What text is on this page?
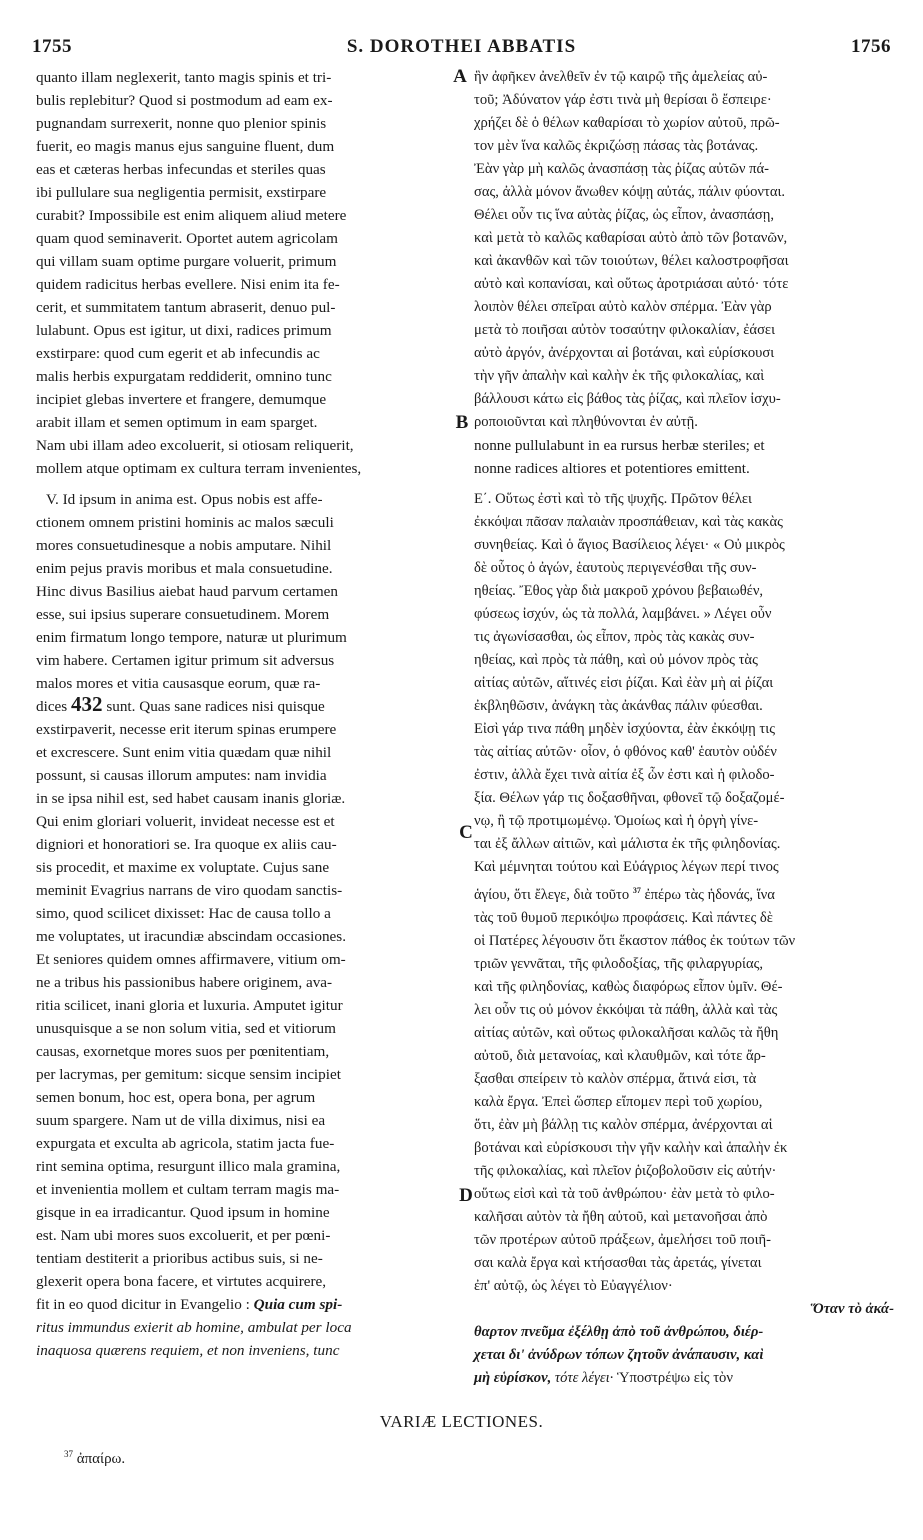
1755	S. DOROTHEI ABBATIS	1756

quanto illam neglexerit, tanto magis spinis et tri-

bulis replebitur? Quod si postmodum ad eam ex-

pugnandam surrexerit, nonne quo plenior spinis

fuerit, eo magis manus ejus sanguine fluent, dum

eas et cæteras herbas infecundas et steriles quas

ibi pullulare sua negligentia permisit, exstirpare

curabit? Impossibile est enim aliquem aliud metere

quam quod seminaverit. Oportet autem agricolam

qui villam suam optime purgare voluerit, primum

quidem radicitus herbas evellere. Nisi enim ita fe-

cerit, et summitatem tantum abraserit, denuo pul-

lulabunt. Opus est igitur, ut dixi, radices primum

exstirpare: quod cum egerit et ab infecundis ac

malis herbis expurgatam reddiderit, omnino tunc

incipiet glebas invertere et frangere, demumque

arabit illam et semen optimum in eam sparget.

Nam ubi illam adeo excoluerit, si otiosam reliquerit,

mollem atque optimam ex cultura terram invenientes,

V. Id ipsum in anima est. Opus nobis est affe-

ctionem omnem pristini hominis ac malos sæculi

mores consuetudinesque a nobis amputare. Nihil

enim pejus pravis moribus et mala consuetudine.

Hinc divus Basilius aiebat haud parvum certamen

esse, sui ipsius superare consuetudinem. Morem

enim firmatum longo tempore, naturæ ut plurimum

vim habere. Certamen igitur primum sit adversus

malos mores et vitia causasque eorum, quæ ra-

dices 432 sunt. Quas sane radices nisi quisque

exstirpaverit, necesse erit iterum spinas erumpere

et excrescere. Sunt enim vitia quædam quæ nihil

possunt, si causas illorum amputes: nam invidia

in se ipsa nihil est, sed habet causam inanis gloriæ.

Qui enim gloriari voluerit, invideat necesse est et

digniori et honoratiori se. Ira quoque ex aliis cau-

sis procedit, et maxime ex voluptate. Cujus sane

meminit Evagrius narrans de viro quodam sanctis-

simo, quod scilicet dixisset: Hac de causa tollo a

me voluptates, ut iracundiæ abscindam occasiones.

Et seniores quidem omnes affirmavere, vitium om-

ne a tribus his passionibus habere originem, ava-

ritia scilicet, inani gloria et luxuria. Amputet igitur

unusquisque a se non solum vitia, sed et vitiorum

causas, exornetque mores suos per pœnitentiam,

per lacrymas, per gemitum: sicque sensim incipiet

semen bonum, hoc est, opera bona, per agrum

suum spargere. Nam ut de villa diximus, nisi ea

expurgata et exculta ab agricola, statim jacta fue-

rint semina optima, resurgunt illico mala gramina,

et invenientia mollem et cultam terram magis ma-

gisque in ea irradicantur. Quod ipsum in homine

est. Nam ubi mores suos excoluerit, et per pœni-

tentiam destiterit a prioribus actibus suis, si ne-

glexerit opera bona facere, et virtutes acquirere,

fit in eo quod dicitur in Evangelio : Quia cum spi-

ritus immundus exierit ab homine, ambulat per loca

inaquosa quærens requiem, et non inveniens, tunc

A
B
C
D

ἣν ἀφῆκεν ἀνελθεῖν ἐν τῷ καιρῷ τῆς ἀμελείας αὐ-

τοῦ; Ἀδύνατον γάρ ἐστι τινὰ μὴ θερίσαι ὃ ἔσπειρε·

χρήζει δὲ ὁ θέλων καθαρίσαι τὸ χωρίον αὐτοῦ, πρῶ-

τον μὲν ἵνα καλῶς ἐκριζώσῃ πάσας τὰς βοτάνας.

Ἐὰν γὰρ μὴ καλῶς ἀνασπάσῃ τὰς ῥίζας αὐτῶν πά-

σας, ἀλλὰ μόνον ἄνωθεν κόψῃ αὐτάς, πάλιν φύονται.

Θέλει οὖν τις ἵνα αὐτὰς ῥίζας, ὡς εἶπον, ἀνασπάσῃ,

καὶ μετὰ τὸ καλῶς καθαρίσαι αὐτὸ ἀπὸ τῶν βοτανῶν,

καὶ ἀκανθῶν καὶ τῶν τοιούτων, θέλει καλοστροφῆσαι

αὐτὸ καὶ κοπανίσαι, καὶ οὕτως ἀροτριάσαι αὐτό· τότε

λοιπὸν θέλει σπεῖραι αὐτὸ καλὸν σπέρμα. Ἐὰν γὰρ

μετὰ τὸ ποιῆσαι αὐτὸν τοσαύτην φιλοκαλίαν, ἐάσει

αὐτὸ ἀργόν, ἀνέρχονται αἱ βοτάναι, καὶ εὑρίσκουσι

τὴν γῆν ἀπαλὴν καὶ καλὴν ἐκ τῆς φιλοκαλίας, καὶ

βάλλουσι κάτω εἰς βάθος τὰς ῥίζας, καὶ πλεῖον ἰσχυ-

ροποιοῦνται καὶ πληθύνονται ἐν αὐτῇ.

nonne pullulabunt in ea rursus herbæ steriles; et

nonne radices altiores et potentiores emittent.

Ε΄. Οὕτως ἐστὶ καὶ τὸ τῆς ψυχῆς. Πρῶτον θέλει

ἐκκόψαι πᾶσαν παλαιὰν προσπάθειαν, καὶ τὰς κακὰς

συνηθείας. Καὶ ὁ ἅγιος Βασίλειος λέγει· « Οὐ μικρὸς

δὲ οὗτος ὁ ἀγών, ἑαυτοὺς περιγενέσθαι τῆς συν-

ηθείας. Ἔθος γὰρ διὰ μακροῦ χρόνου βεβαιωθέν,

φύσεως ἰσχύν, ὡς τὰ πολλά, λαμβάνει. » Λέγει οὖν

τις ἀγωνίσασθαι, ὡς εἶπον, πρὸς τὰς κακὰς συν-

ηθείας, καὶ πρὸς τὰ πάθη, καὶ οὐ μόνον πρὸς τὰς

αἰτίας αὐτῶν, αἵτινές εἰσι ῥίζαι. Καὶ ἐὰν μὴ αἱ ῥίζαι

ἐκβληθῶσιν, ἀνάγκη τὰς ἀκάνθας πάλιν φύεσθαι.

Εἰσὶ γάρ τινα πάθη μηδὲν ἰσχύοντα, ἐὰν ἐκκόψῃ τις

τὰς αἰτίας αὐτῶν· οἷον, ὁ φθόνος καθ' ἑαυτὸν οὐδέν

ἐστιν, ἀλλὰ ἔχει τινὰ αἰτία ἐξ ὧν ἐστι καὶ ἡ φιλοδο-

ξία. Θέλων γάρ τις δοξασθῆναι, φθονεῖ τῷ δοξαζομέ-

νῳ, ἢ τῷ προτιμωμένῳ. Ὁμοίως καὶ ἡ ὀργὴ γίνε-

ται ἐξ ἄλλων αἰτιῶν, καὶ μάλιστα ἐκ τῆς φιληδονίας.

Καὶ μέμνηται τούτου καὶ Εὐάγριος λέγων περί τινος

ἁγίου, ὅτι ἔλεγε, διὰ τοῦτο $^{37}$ ἐπέρω τὰς ἡδονάς, ἵνα

τὰς τοῦ θυμοῦ περικόψω προφάσεις. Καὶ πάντες δὲ

οἱ Πατέρες λέγουσιν ὅτι ἕκαστον πάθος ἐκ τούτων τῶν

τριῶν γεννᾶται, τῆς φιλοδοξίας, τῆς φιλαργυρίας,

καὶ τῆς φιληδονίας, καθὼς διαφόρως εἶπον ὑμῖν. Θέ-

λει οὖν τις οὐ μόνον ἐκκόψαι τὰ πάθη, ἀλλὰ καὶ τὰς

αἰτίας αὐτῶν, καὶ οὕτως φιλοκαλῆσαι καλῶς τὰ ἤθη

αὐτοῦ, διὰ μετανοίας, καὶ κλαυθμῶν, καὶ τότε ἄρ-

ξασθαι σπείρειν τὸ καλὸν σπέρμα, ἅτινά εἰσι, τὰ

καλὰ ἔργα. Ἐπεὶ ὥσπερ εἴπομεν περὶ τοῦ χωρίου,

ὅτι, ἐὰν μὴ βάλλῃ τις καλὸν σπέρμα, ἀνέρχονται αἱ

βοτάναι καὶ εὑρίσκουσι τὴν γῆν καλὴν καὶ ἁπαλὴν ἐκ

τῆς φιλοκαλίας, καὶ πλεῖον ῥιζοβολοῦσιν εἰς αὐτήν·

οὕτως εἰσὶ καὶ τὰ τοῦ ἀνθρώπου· ἐὰν μετὰ τὸ φιλο-

καλῆσαι αὐτὸν τὰ ἤθη αὐτοῦ, καὶ μετανοῆσαι ἀπὸ

τῶν προτέρων αὐτοῦ πράξεων, ἀμελήσει τοῦ ποιῆ-

σαι καλὰ ἔργα καὶ κτήσασθαι τὰς ἀρετάς, γίνεται

ἐπ' αὐτῷ, ὡς λέγει τὸ Εὐαγγέλιον·

Ὅταν τὸ ἀκά-

θαρτον πνεῦμα ἐξέλθῃ ἀπὸ τοῦ ἀνθρώπου, διέρ-

χεται δι' ἀνύδρων τόπων ζητοῦν ἀνάπαυσιν, καὶ

μὴ εὑρίσκον, τότε λέγει· Ὑποστρέψω εἰς τὸν

VARIÆ LECTIONES.
$^{37}$ ἀπαίρω.
